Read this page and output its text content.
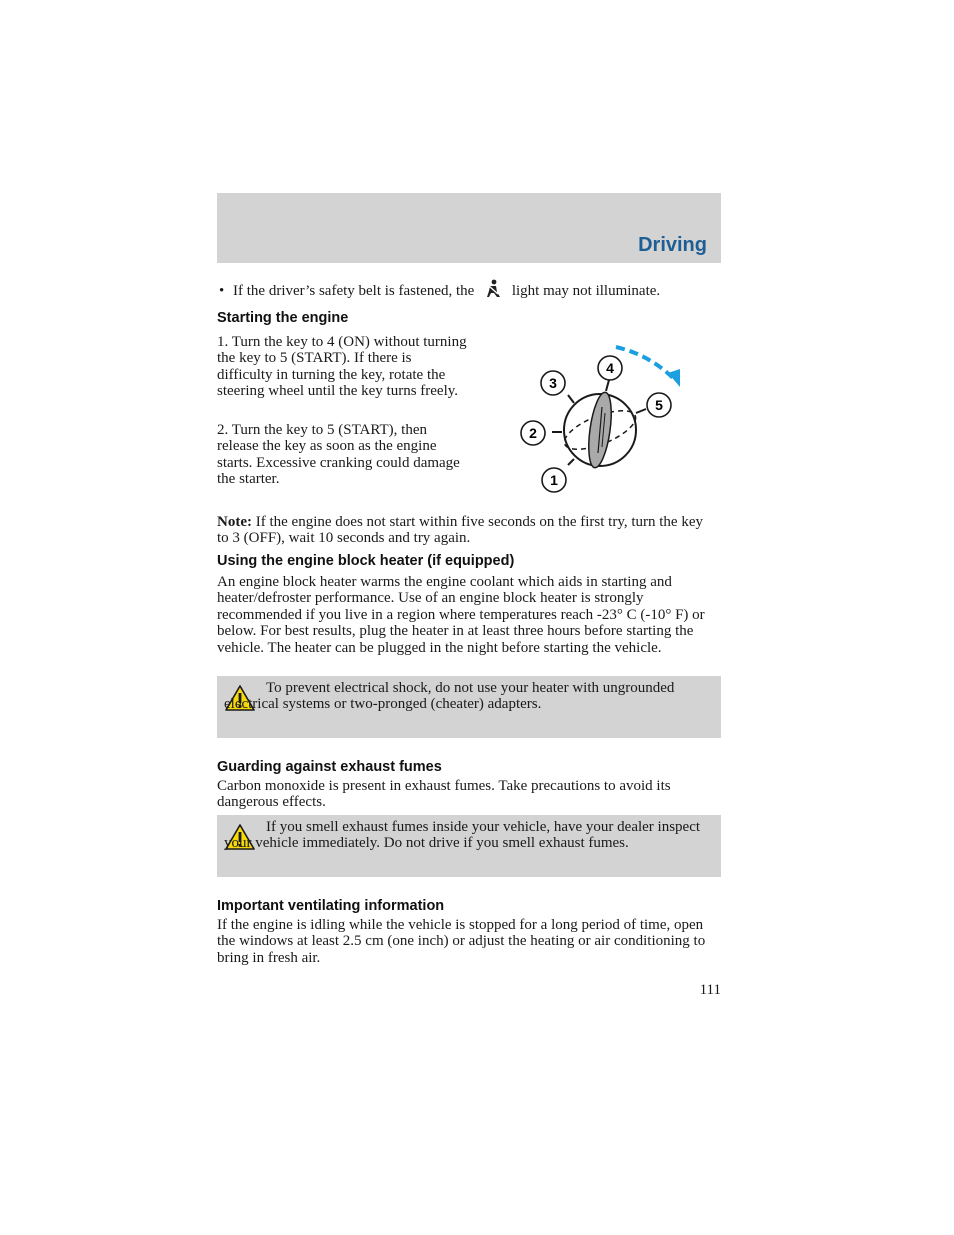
Driving
• If the driver’s safety belt is fastened, the	light may not illuminate.
Starting the engine
1. Turn the key to 4 (ON) without turning the key to 5 (START). If there is difficulty in turning the key, rotate the steering wheel until the key turns freely.
2. Turn the key to 5 (START), then release the key as soon as the engine starts. Excessive cranking could damage the starter.
3
4
5
2
1
Note: If the engine does not start within five seconds on the first try, turn the key to 3 (OFF), wait 10 seconds and try again.
Using the engine block heater (if equipped)
An engine block heater warms the engine coolant which aids in starting and heater/defroster performance. Use of an engine block heater is strongly recommended if you live in a region where temperatures reach -23° C (-10° F) or below. For best results, plug the heater in at least three hours before starting the vehicle. The heater can be plugged in the night before starting the vehicle.
To prevent electrical shock, do not use your heater with ungrounded electrical systems or two-pronged (cheater) adapters.
Guarding against exhaust fumes
Carbon monoxide is present in exhaust fumes. Take precautions to avoid its dangerous effects.
If you smell exhaust fumes inside your vehicle, have your dealer inspect your vehicle immediately. Do not drive if you smell exhaust fumes.
Important ventilating information
If the engine is idling while the vehicle is stopped for a long period of time, open the windows at least 2.5 cm (one inch) or adjust the heating or air conditioning to bring in fresh air.
111
